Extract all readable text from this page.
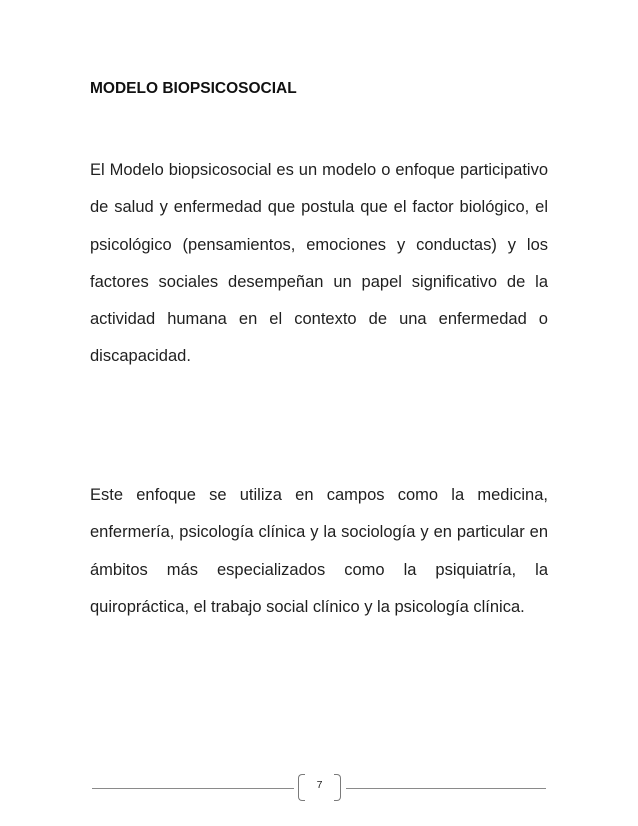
MODELO BIOPSICOSOCIAL

El Modelo biopsicosocial es un modelo o enfoque participativo de salud y enfermedad que postula que el factor biológico, el psicológico (pensamientos, emociones y conductas) y los factores sociales desempeñan un papel significativo de la actividad humana en el contexto de una enfermedad o discapacidad.

Este enfoque se utiliza en campos como la medicina, enfermería, psicología clínica y la sociología y en particular en ámbitos más especializados como la psiquiatría, la quiropráctica, el trabajo social clínico y la psicología clínica.

7
